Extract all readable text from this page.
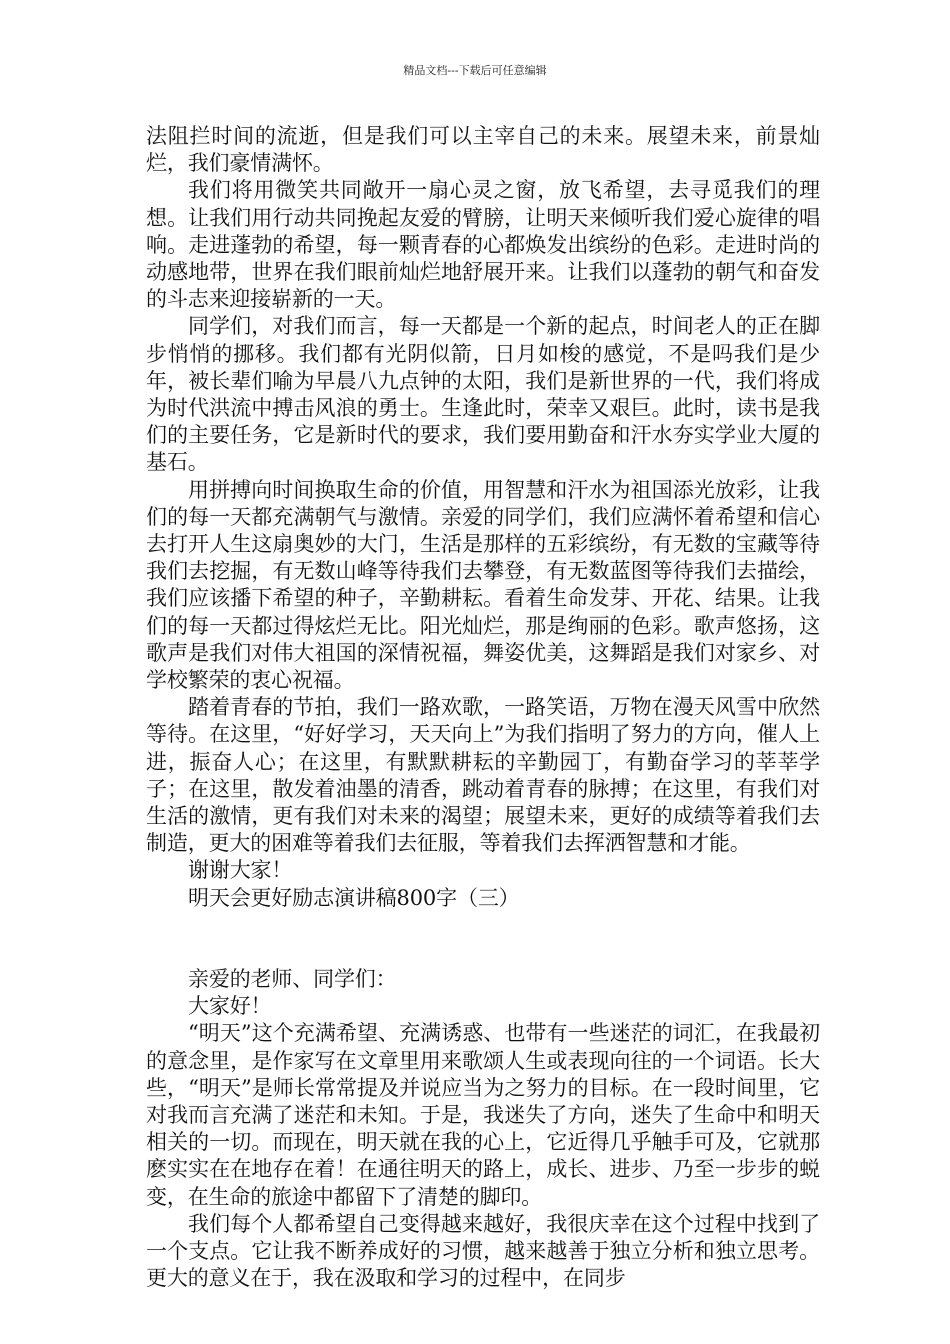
精品文档---下载后可任意编辑

法阻拦时间的流逝，但是我们可以主宰自己的未来。展望未来，前景灿烂，我们豪情满怀。

我们将用微笑共同敞开一扇心灵之窗，放飞希望，去寻觅我们的理想。让我们用行动共同挽起友爱的臂膀，让明天来倾听我们爱心旋律的唱响。走进蓬勃的希望，每一颗青春的心都焕发出缤纷的色彩。走进时尚的动感地带，世界在我们眼前灿烂地舒展开来。让我们以蓬勃的朝气和奋发的斗志来迎接崭新的一天。

同学们，对我们而言，每一天都是一个新的起点，时间老人的正在脚步悄悄的挪移。我们都有光阴似箭，日月如梭的感觉，不是吗我们是少年，被长辈们喻为早晨八九点钟的太阳，我们是新世界的一代，我们将成为时代洪流中搏击风浪的勇士。生逢此时，荣幸又艰巨。此时，读书是我们的主要任务，它是新时代的要求，我们要用勤奋和汗水夯实学业大厦的基石。

用拼搏向时间换取生命的价值，用智慧和汗水为祖国添光放彩，让我们的每一天都充满朝气与激情。亲爱的同学们，我们应满怀着希望和信心去打开人生这扇奥妙的大门，生活是那样的五彩缤纷，有无数的宝藏等待我们去挖掘，有无数山峰等待我们去攀登，有无数蓝图等待我们去描绘，我们应该播下希望的种子，辛勤耕耘。看着生命发芽、开花、结果。让我们的每一天都过得炫烂无比。阳光灿烂，那是绚丽的色彩。歌声悠扬，这歌声是我们对伟大祖国的深情祝福，舞姿优美，这舞蹈是我们对家乡、对学校繁荣的衷心祝福。

踏着青春的节拍，我们一路欢歌，一路笑语，万物在漫天风雪中欣然等待。在这里，“好好学习，天天向上”为我们指明了努力的方向，催人上进，振奋人心；在这里，有默默耕耘的辛勤园丁，有勤奋学习的莘莘学子；在这里，散发着油墨的清香，跳动着青春的脉搏；在这里，有我们对生活的激情，更有我们对未来的渴望；展望未来，更好的成绩等着我们去制造，更大的困难等着我们去征服，等着我们去挥洒智慧和才能。

谢谢大家！

明天会更好励志演讲稿800字（三）

亲爱的老师、同学们：

大家好！

“明天”这个充满希望、充满诱惑、也带有一些迷茫的词汇，在我最初的意念里，是作家写在文章里用来歌颂人生或表现向往的一个词语。长大些，“明天”是师长常常提及并说应当为之努力的目标。在一段时间里，它对我而言充满了迷茫和未知。于是，我迷失了方向，迷失了生命中和明天相关的一切。而现在，明天就在我的心上，它近得几乎触手可及，它就那麽实实在在地存在着！在通往明天的路上，成长、进步、乃至一步步的蜕变，在生命的旅途中都留下了清楚的脚印。

我们每个人都希望自己变得越来越好，我很庆幸在这个过程中找到了一个支点。它让我不断养成好的习惯，越来越善于独立分析和独立思考。更大的意义在于，我在汲取和学习的过程中，在同步
